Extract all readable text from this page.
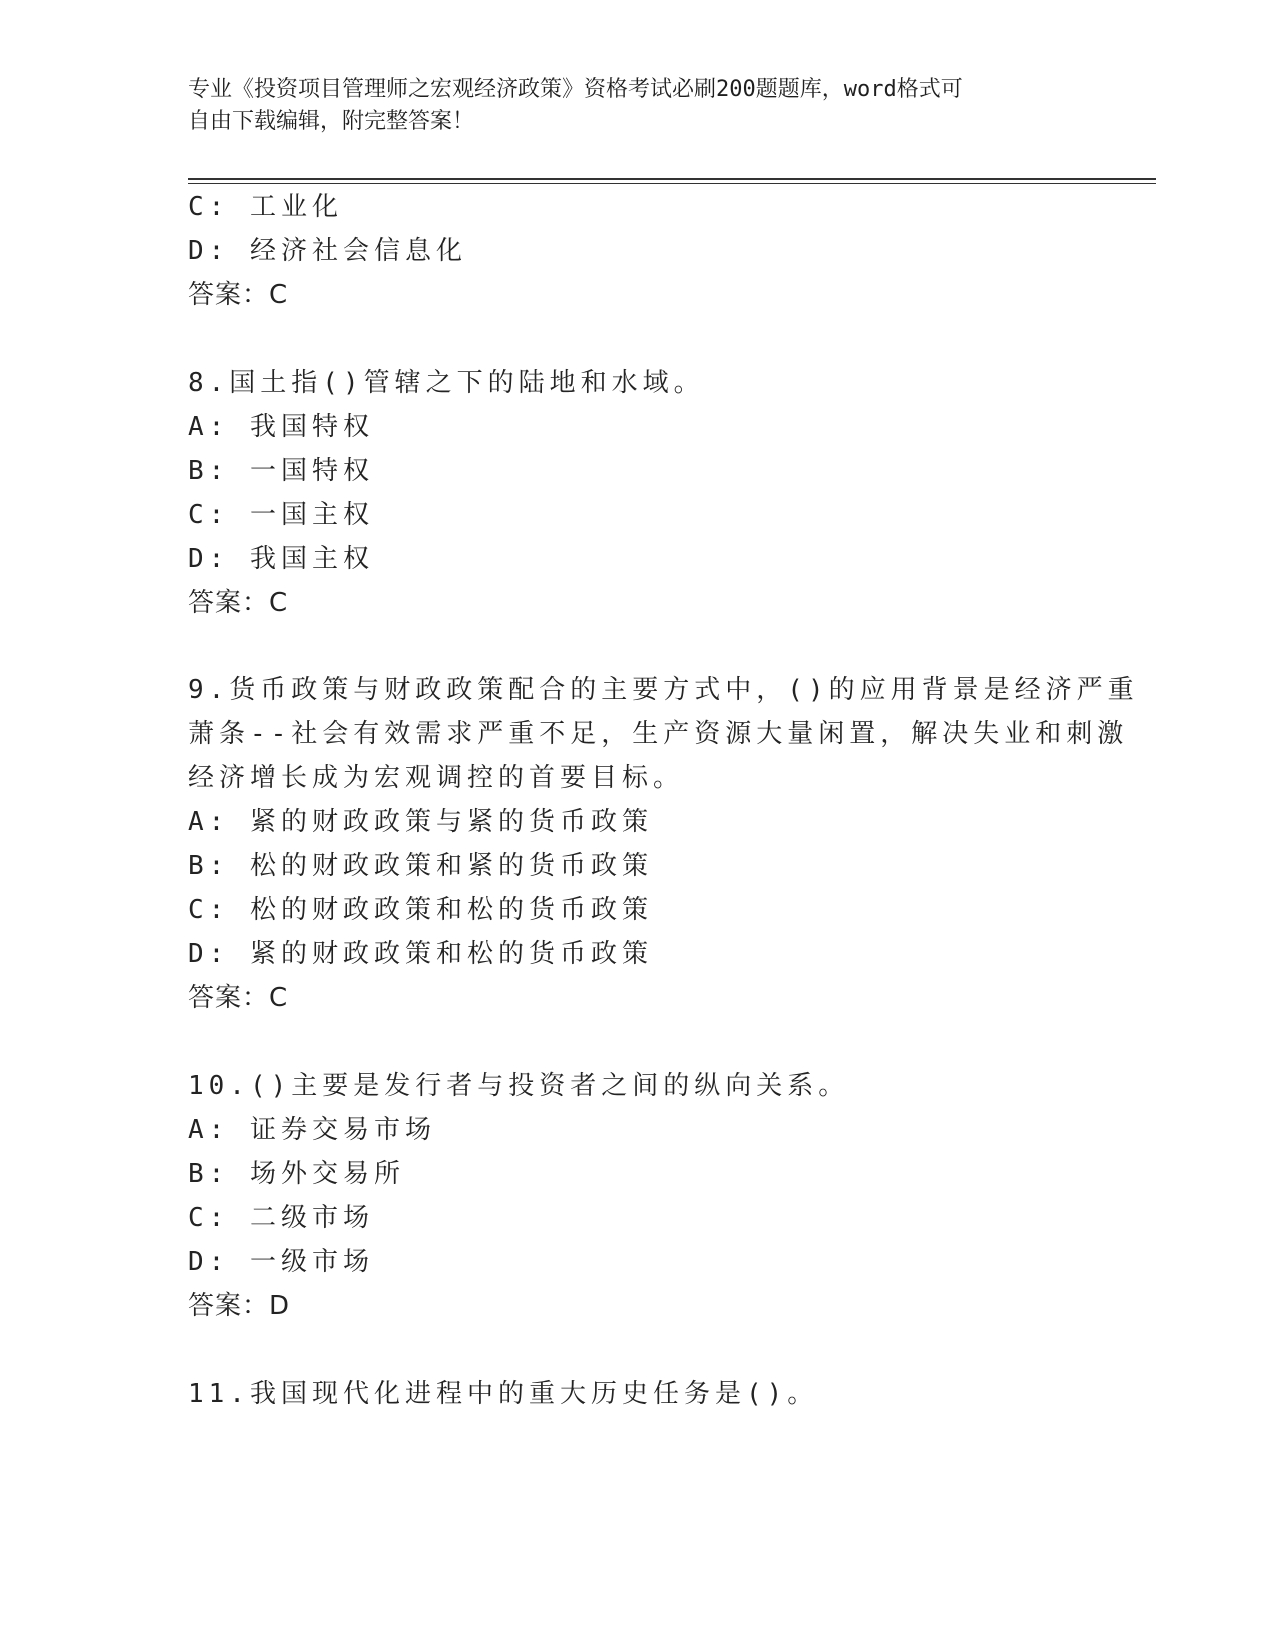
专业《投资项目管理师之宏观经济政策》资格考试必刷200题题库，word格式可
自由下载编辑，附完整答案！
C: 工业化
D: 经济社会信息化
答案：C
8.国土指()管辖之下的陆地和水域。
A: 我国特权
B: 一国特权
C: 一国主权
D: 我国主权
答案：C
9.货币政策与财政政策配合的主要方式中，()的应用背景是经济严重
萧条--社会有效需求严重不足，生产资源大量闲置，解决失业和刺激
经济增长成为宏观调控的首要目标。
A: 紧的财政政策与紧的货币政策
B: 松的财政政策和紧的货币政策
C: 松的财政政策和松的货币政策
D: 紧的财政政策和松的货币政策
答案：C
10.()主要是发行者与投资者之间的纵向关系。
A: 证券交易市场
B: 场外交易所
C: 二级市场
D: 一级市场
答案：D
11.我国现代化进程中的重大历史任务是()。
